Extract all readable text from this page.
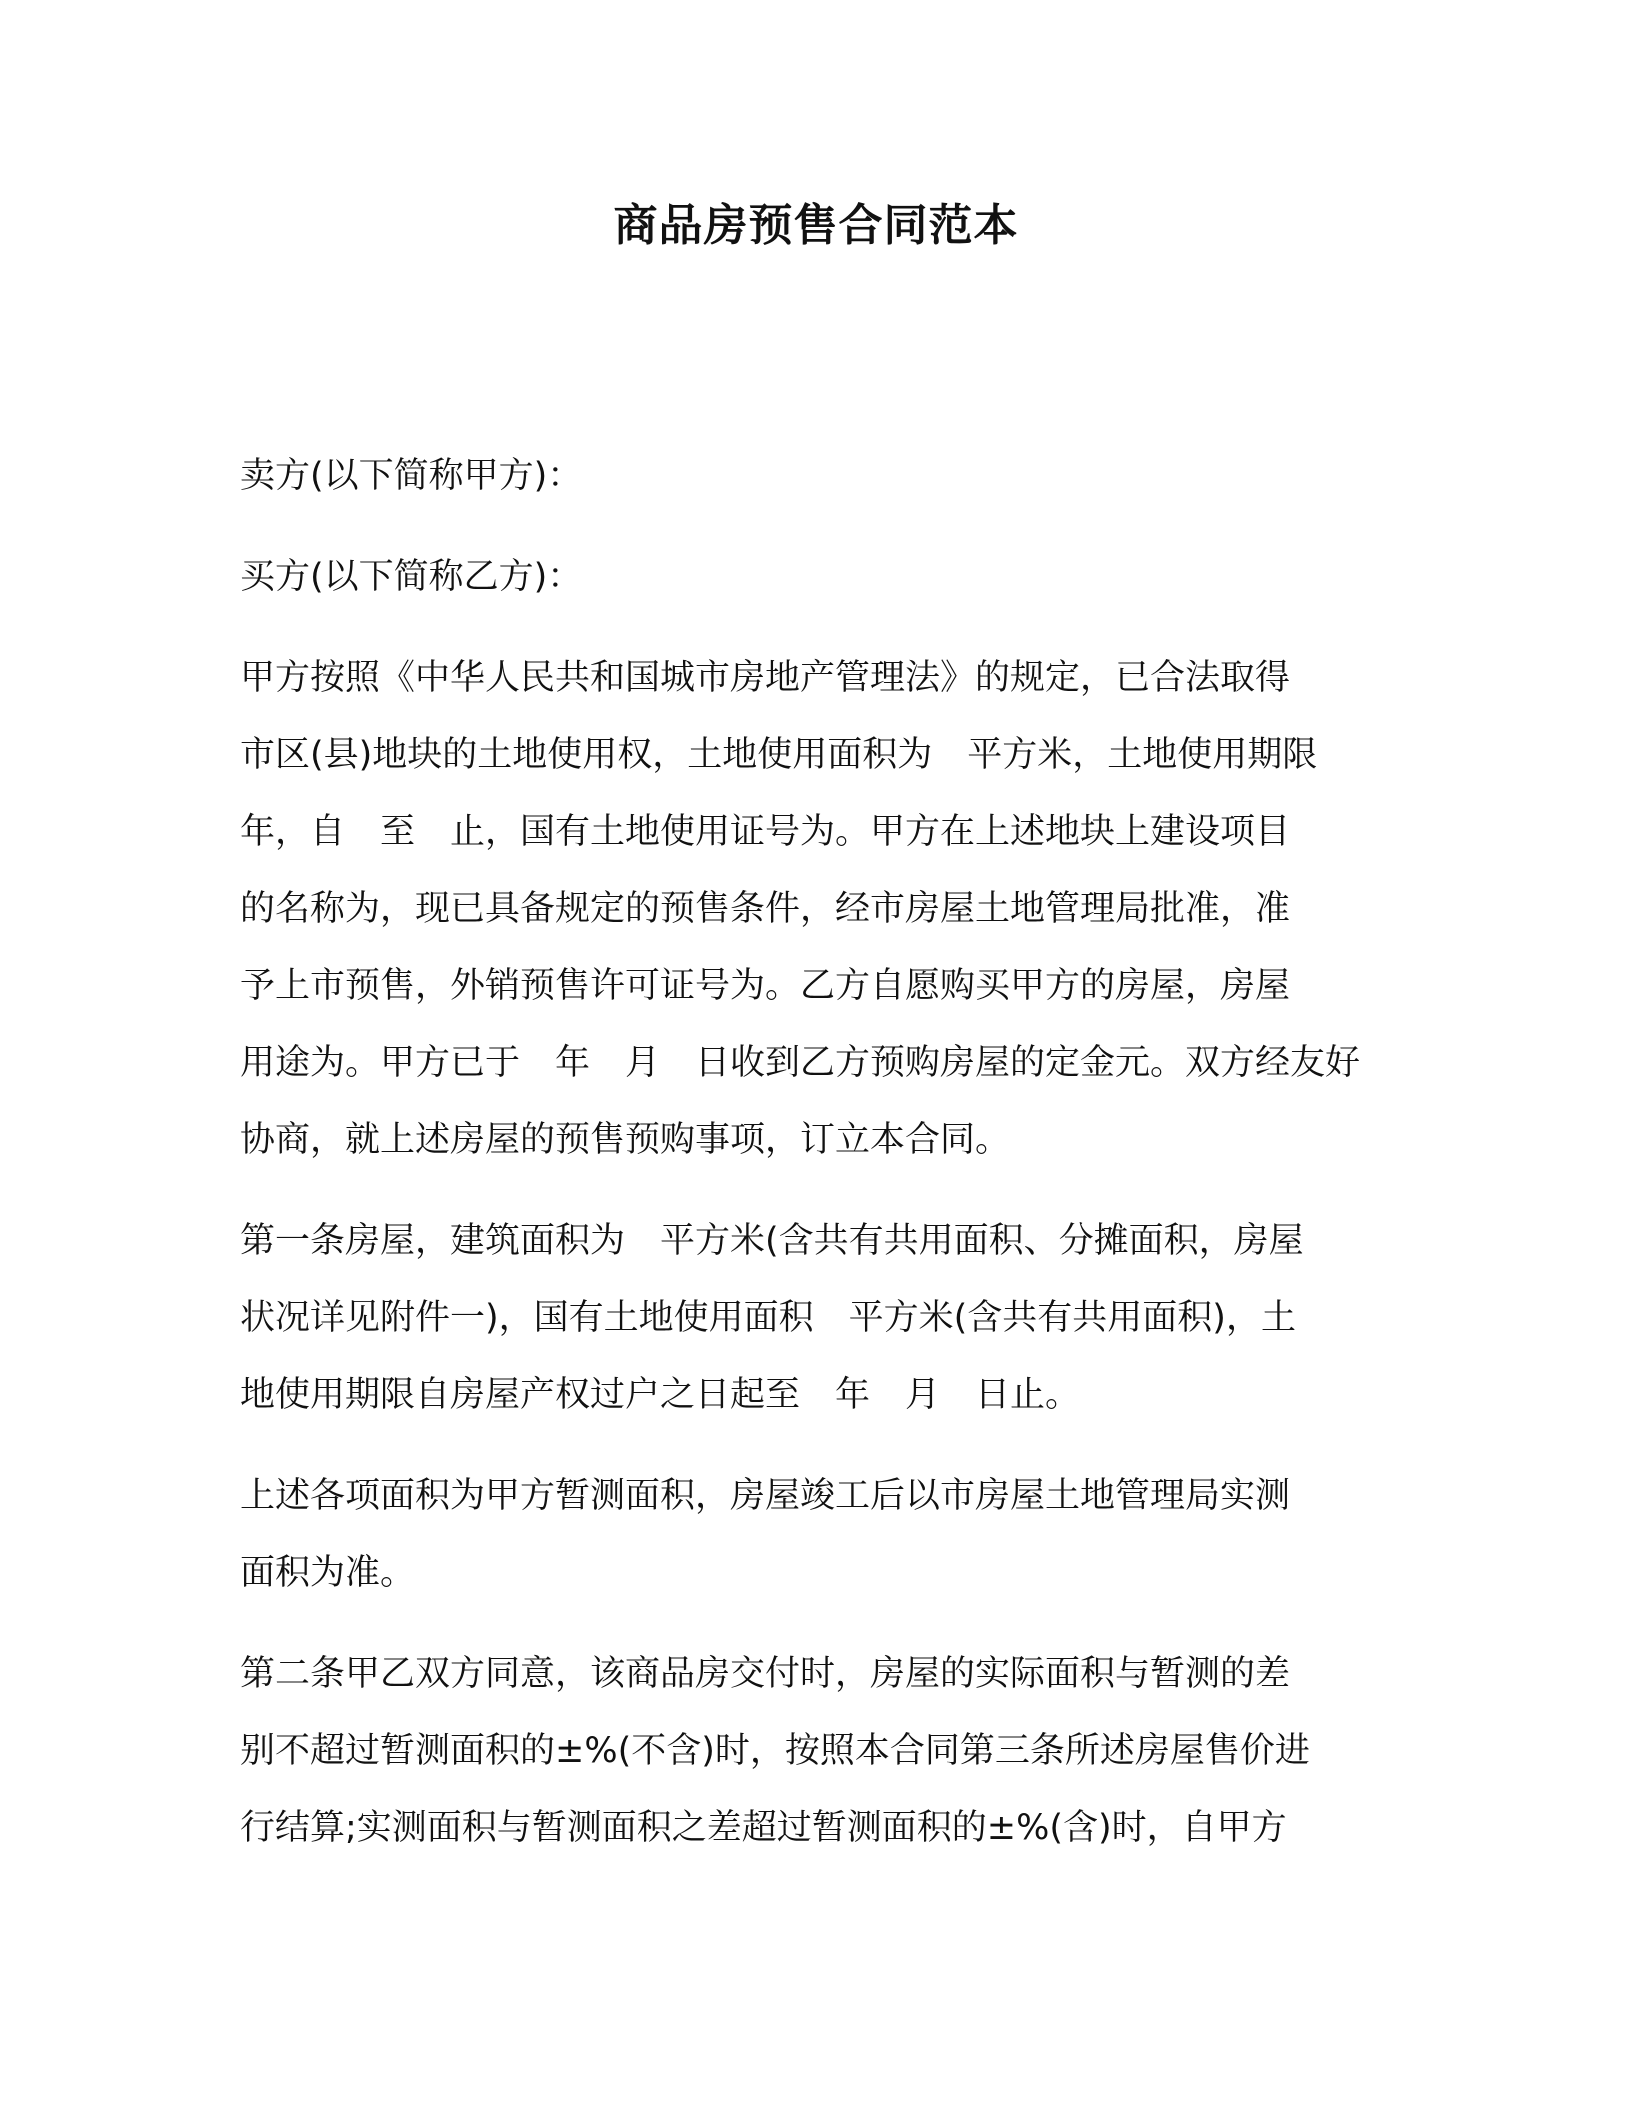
商品房预售合同范本

卖方(以下简称甲方)：

买方(以下简称乙方)：

甲方按照《中华人民共和国城市房地产管理法》的规定，已合法取得
市区(县)地块的土地使用权，土地使用面积为　平方米，土地使用期限
年，自　至　止，国有土地使用证号为。甲方在上述地块上建设项目
的名称为，现已具备规定的预售条件，经市房屋土地管理局批准，准
予上市预售，外销预售许可证号为。乙方自愿购买甲方的房屋，房屋
用途为。甲方已于　年　月　日收到乙方预购房屋的定金元。双方经友好
协商，就上述房屋的预售预购事项，订立本合同。

第一条房屋，建筑面积为　平方米(含共有共用面积、分摊面积，房屋
状况详见附件一)，国有土地使用面积　平方米(含共有共用面积)，土
地使用期限自房屋产权过户之日起至　年　月　日止。

上述各项面积为甲方暂测面积，房屋竣工后以市房屋土地管理局实测
面积为准。

第二条甲乙双方同意，该商品房交付时，房屋的实际面积与暂测的差
别不超过暂测面积的±%(不含)时，按照本合同第三条所述房屋售价进
行结算;实测面积与暂测面积之差超过暂测面积的±%(含)时，自甲方
